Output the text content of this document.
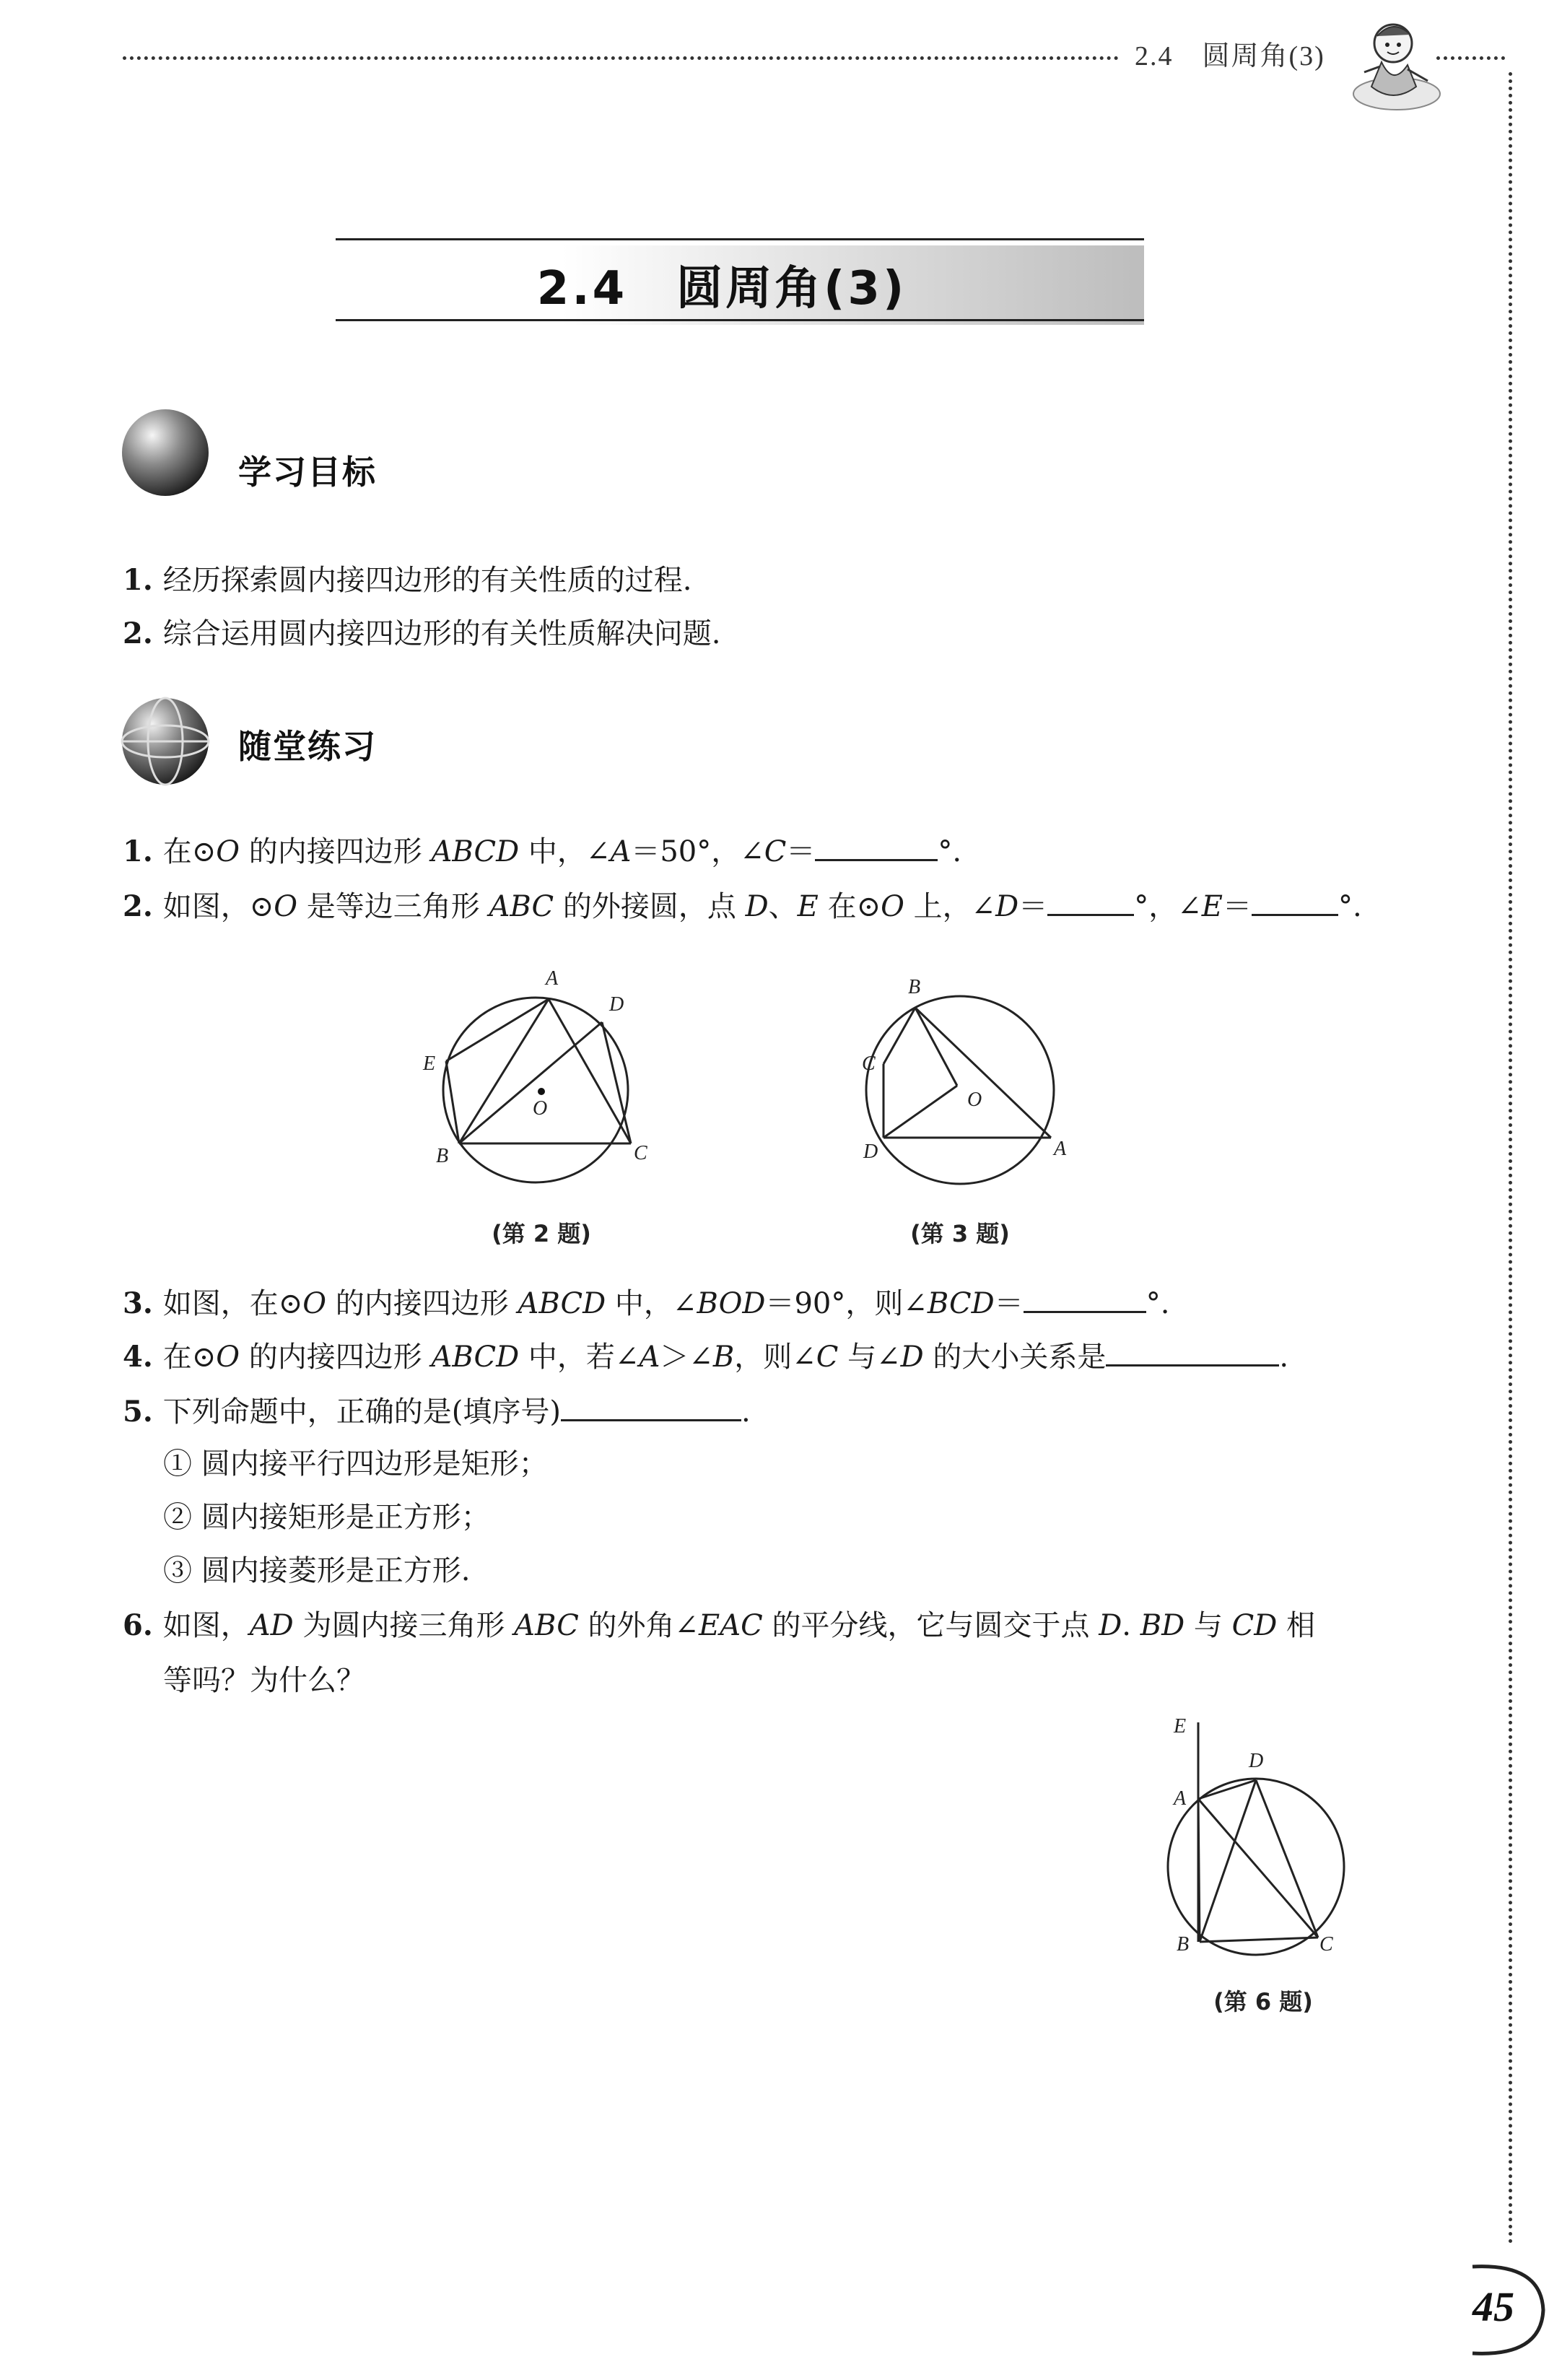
2.4　圆周角(3)
2.4　圆周角(3)
学习目标
1. 经历探索圆内接四边形的有关性质的过程.
2. 综合运用圆内接四边形的有关性质解决问题.
随堂练习
1. 在⊙O 的内接四边形 ABCD 中，∠A＝50°，∠C＝	°.
2. 如图，⊙O 是等边三角形 ABC 的外接圆，点 D、E 在⊙O 上，∠D＝	°，∠E＝	°.
A
D
E
O
B	C
(第 2 题)
B
C
O
D	A
(第 3 题)
3. 如图，在⊙O 的内接四边形 ABCD 中，∠BOD＝90°，则∠BCD＝	°.
4. 在⊙O 的内接四边形 ABCD 中，若∠A＞∠B，则∠C 与∠D 的大小关系是	.
5. 下列命题中，正确的是(填序号)	.
① 圆内接平行四边形是矩形；
② 圆内接矩形是正方形；
③ 圆内接菱形是正方形.
6. 如图，AD 为圆内接三角形 ABC 的外角∠EAC 的平分线，它与圆交于点 D. BD 与 CD 相
等吗？为什么？
E
D
A
B	C
(第 6 题)
45
